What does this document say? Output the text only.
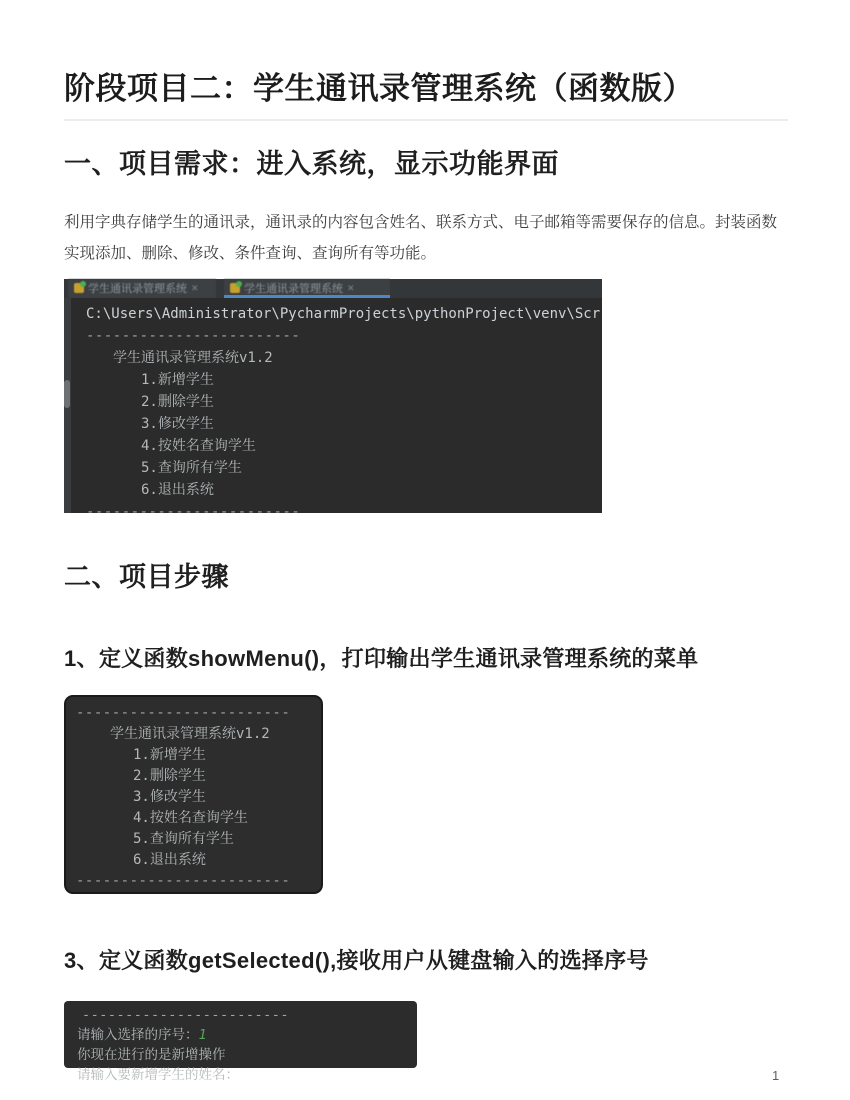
阶段项目二：学生通讯录管理系统（函数版）
一、项目需求：进入系统，显示功能界面

利用字典存储学生的通讯录，通讯录的内容包含姓名、联系方式、电子邮箱等需要保存的信息。封装函数实现添加、删除、修改、条件查询、查询所有等功能。

学生通讯录管理系统 ✕	学生通讯录管理系统 ✕
C:\Users\Administrator\PycharmProjects\pythonProject\venv\Scr
------------------------
学生通讯录管理系统v1.2
1.新增学生
2.删除学生
3.修改学生
4.按姓名查询学生
5.查询所有学生
6.退出系统
------------------------
二、项目步骤
1、定义函数showMenu()，打印输出学生通讯录管理系统的菜单
------------------------
学生通讯录管理系统v1.2
1.新增学生
2.删除学生
3.修改学生
4.按姓名查询学生
5.查询所有学生
6.退出系统
------------------------
3、定义函数getSelected(),接收用户从键盘输入的选择序号
------------------------
请输入选择的序号：1
你现在进行的是新增操作
请输入要新增学生的姓名：	1
